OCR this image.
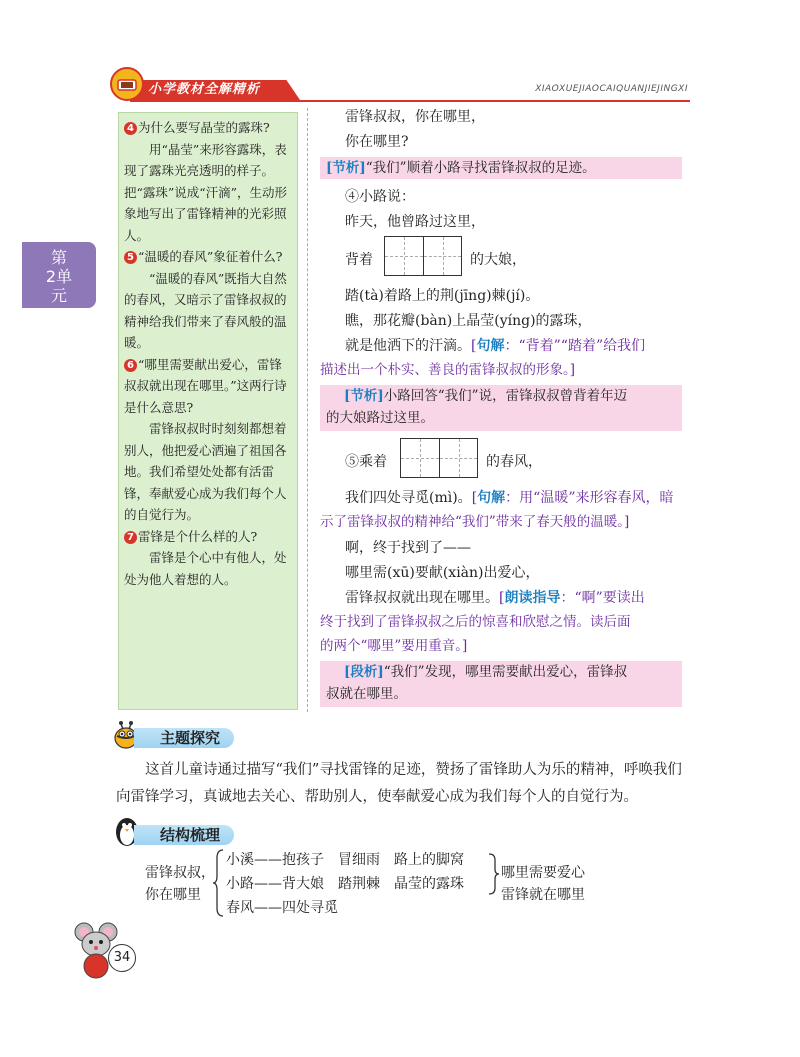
小学教材全解精析	XIAOXUEJIAOCAIQUANJIEJINGXI
第
2单
元

4 为什么要写晶莹的露珠?

用“晶莹”来形容露珠，表现了露珠光亮透明的样子。把“露珠”说成“汗滴”，生动形象地写出了雷锋精神的光彩照人。

5 “温暖的春风”象征着什么?

“温暖的春风”既指大自然的春风，又暗示了雷锋叔叔的精神给我们带来了春风般的温暖。

6 “哪里需要献出爱心，雷锋叔叔就出现在哪里。”这两行诗是什么意思?

雷锋叔叔时时刻刻都想着别人，他把爱心洒遍了祖国各地。我们希望处处都有活雷锋，奉献爱心成为我们每个人的自觉行为。

7 雷锋是个什么样的人?

雷锋是个心中有他人，处处为他人着想的人。

雷锋叔叔，你在哪里，
你在哪里?
[节析]“我们”顺着小路寻找雷锋叔叔的足迹。
④小路说：
昨天，他曾路过这里，
背着	的大娘，
踏(tà)着路上的荆(jīng)棘(jí)。
瞧，那花瓣(bàn)上晶莹(yíng)的露珠，
就是他洒下的汗滴。[句解：“背着”“踏着”给我们
描述出一个朴实、善良的雷锋叔叔的形象。]
[节析]小路回答“我们”说，雷锋叔叔曾背着年迈
的大娘路过这里。
⑤乘着	的春风，
我们四处寻觅(mì)。[句解：用“温暖”来形容春风，暗
示了雷锋叔叔的精神给“我们”带来了春天般的温暖。]
啊，终于找到了——
哪里需(xū)要献(xiàn)出爱心，
雷锋叔叔就出现在哪里。[朗读指导：“啊”要读出
终于找到了雷锋叔叔之后的惊喜和欣慰之情。读后面
的两个“哪里”要用重音。]
[段析]“我们”发现，哪里需要献出爱心，雷锋叔
叔就在哪里。
主题探究
这首儿童诗通过描写“我们”寻找雷锋的足迹，赞扬了雷锋助人为乐的精神，呼唤我们向雷锋学习，真诚地去关心、帮助别人，使奉献爱心成为我们每个人的自觉行为。
结构梳理
雷锋叔叔，
你在哪里
小溪——抱孩子　冒细雨　路上的脚窝
小路——背大娘　踏荆棘　晶莹的露珠
春风——四处寻觅
哪里需要爱心
雷锋就在哪里
34
